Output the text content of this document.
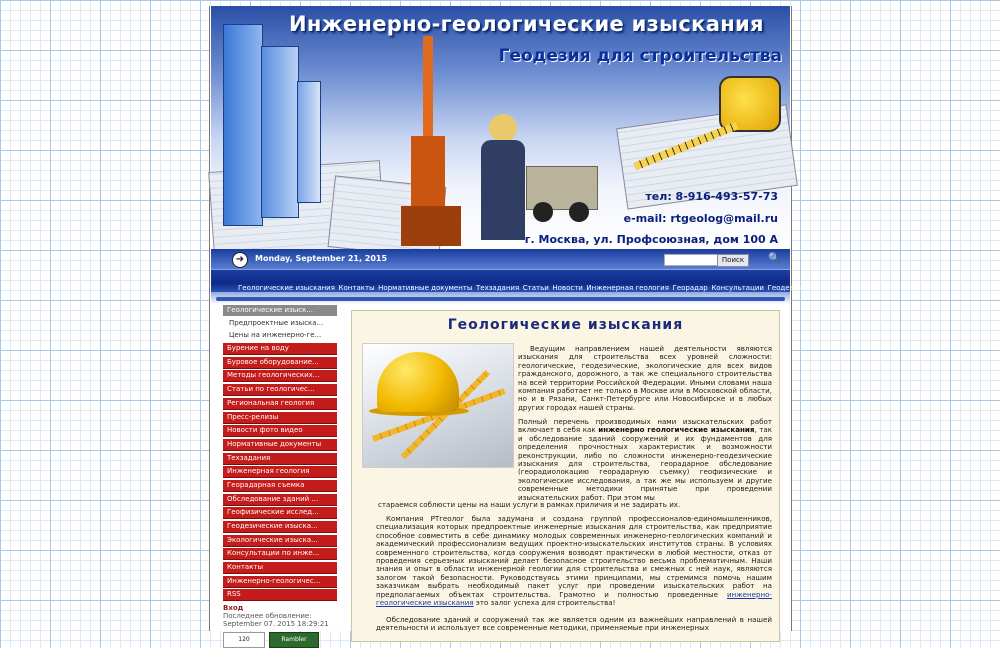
Инженерно-геологические изыскания
Геодезия для строительства
тел: 8-916-493-57-73
e-mail: rtgeolog@mail.ru
г. Москва, ул. Профсоюзная, дом 100 А
➜	Monday, September 21, 2015	Поиск	🔍
Геологические изыскания Контакты Нормативные документы Техзадания Статьи Новости Инженерная геология Георадар Консультации Геодезия
Геологические изыск...
Предпроектные изыска...
Цены на инженерно-ге...
Бурение на воду
Буровое оборудование...
Методы геологических...
Статьи по геологичес...
Региональная геология
Пресс-релизы
Новости фото видео
Нормативные документы
Техзадания
Инженерная геология
Георадарная съемка
Обследование зданий ...
Геофизические исслед...
Геодезические изыска...
Экологические изыска...
Консультации по инже...
Контакты
Инженерно-геологичес...
RSS
Вход
Последнее обновление:
September 07. 2015 18:29:21
120	Rambler
Геологические изыскания
Ведущим направлением нашей деятельности являются изыскания для строительства всех уровней сложности: геологические, геодезические, экологические для всех видов гражданского, дорожного, а так же специального строительства на всей территории Российской Федерации. Иными словами наша компания работает не только в Москве или в Московской области, но и в Рязани, Санкт-Петербурге или Новосибирске и в любых других городах нашей страны.
Полный перечень производимых нами изыскательских работ включает в себя как инженерно геологические изыскания, так и обследование зданий сооружений и их фундаментов для определения прочностных характеристик и возможности реконструкции, либо по сложности инженерно-геодезические изыскания для строительства, георадарное обследование (георадиолокацию георадарную съемку) геофизические и экологические исследования, а так же мы используем и другие современные методики принятые при проведении изыскательских работ. При этом мы
стараемся соблюсти цены на наши услуги в рамках приличия и не задирать их.
Компания РТгеолог была задумана и создана группой профессионалов-единомышленников, специализация которых предпроектные инженерные изыскания для строительства, как предприятие способное совместить в себе динамику молодых современных инженерно-геологических компаний и академический профессионализм ведущих проектно-изыскательских институтов страны. В условиях современного строительства, когда сооружения возводят практически в любой местности, отказ от проведения серьезных изысканий делает безопасное строительство весьма проблематичным. Наши знания и опыт в области инженерной геологии для строительства и смежных с ней наук, являются залогом такой безопасности. Руководствуясь этими принципами, мы стремимся помочь нашим заказчикам выбрать необходимый пакет услуг при проведении изыскательских работ на предполагаемых объектах строительства. Грамотно и полностью проведенные инженерно-геологические изыскания это залог успеха для строительства!
Обследование зданий и сооружений так же является одним из важнейших направлений в нашей деятельности и использует все современные методики, применяемые при инженерных
